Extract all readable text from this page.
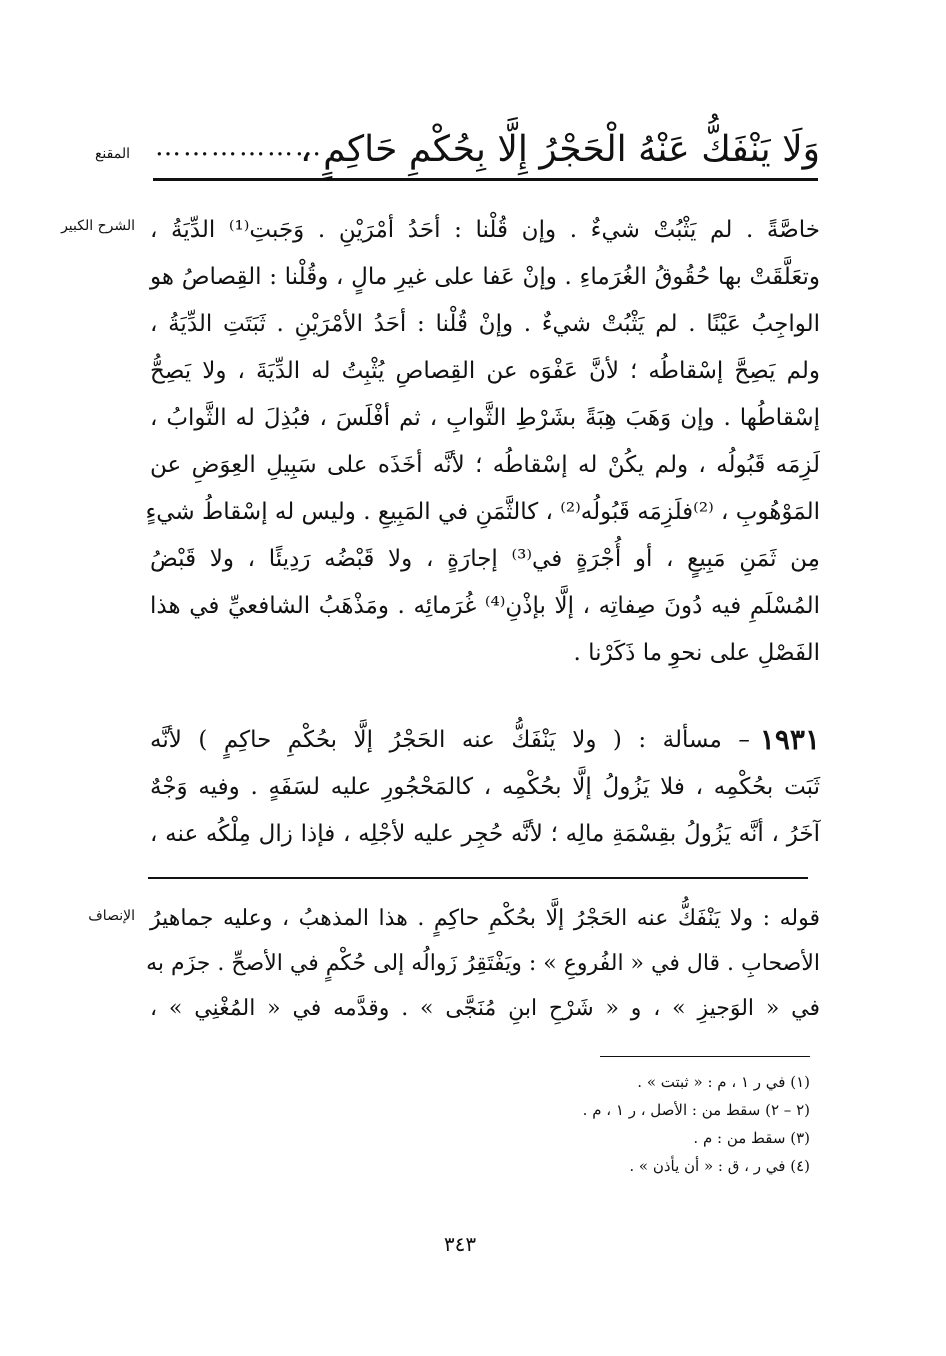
المقنع	وَلَا يَنْفَكُّ عَنْهُ الْحَجْرُ إِلَّا بِحُكْمِ حَاكِمٍ ،
………………
الشرح الكبير خاصَّةً . لم يَثْبُتْ شيءٌ . وإن قُلْنا : أحَدُ أمْرَيْنِ . وَجَبتِ⁽¹⁾ الدِّيَةُ ،
وتعَلَّقَتْ بها حُقُوقُ الغُرَماءِ . وإنْ عَفا على غيرِ مالٍ ، وقُلْنا : القِصاصُ هو
الواجِبُ عَيْنًا . لم يَثْبُتْ شيءٌ . وإنْ قُلْنا : أحَدُ الأمْرَيْنِ . ثَبَتَتِ الدِّيَةُ ،
ولم يَصِحَّ إسْقاطُه ؛ لأنَّ عَفْوَه عن القِصاصِ يُثْبِتُ له الدِّيَةَ ، ولا يَصِحُّ
إسْقاطُها . وإن وَهَبَ هِبَةً بشَرْطِ الثَّوابِ ، ثم أفْلَسَ ، فبُذِلَ له الثَّوابُ ،
لَزِمَه قَبُولُه ، ولم يكُنْ له إسْقاطُه ؛ لأنَّه أخَذَه على سَبِيلِ العِوَضِ عن
المَوْهُوبِ ، ⁽²⁾فلَزِمَه قَبُولُه⁽²⁾ ، كالثَّمَنِ في المَبِيعِ . وليس له إسْقاطُ شيءٍ
مِن ثَمَنِ مَبِيعٍ ، أو أُجْرَةٍ في⁽³⁾ إجارَةٍ ، ولا قَبْضُه رَدِيئًا ، ولا قَبْضُ
المُسْلَمِ فيه دُونَ صِفاتِه ، إلَّا بإذْنِ⁽⁴⁾ غُرَمائِه . ومَذْهَبُ الشافعيِّ في هذا
الفَصْلِ على نحوِ ما ذَكَرْنا .
١٩٣١
– مسألة : ( ولا يَنْفَكُّ عنه الحَجْرُ إلَّا بحُكْمِ حاكِمٍ ) لأنَّه
ثَبَت بحُكْمِه ، فلا يَزُولُ إلَّا بحُكْمِه ، كالمَحْجُورِ عليه لسَفَهٍ . وفيه وَجْهٌ
آخَرُ ، أنَّه يَزُولُ بقِسْمَةِ مالِه ؛ لأنَّه حُجِر عليه لأجْلِه ، فإذا زال مِلْكُه عنه ،
الإنصاف قوله : ولا يَنْفَكُّ عنه الحَجْرُ إلَّا بحُكْمِ حاكِمٍ . هذا المذهبُ ، وعليه جماهيرُ
الأصحابِ . قال في « الفُروعِ » : ويَفْتَقِرُ زَوالُه إلى حُكْمٍ في الأصحِّ . جزَم به
في « الوَجيزِ » ، و « شَرْحِ ابنِ مُنَجَّى » . وقدَّمه في « المُغْنِي » ،
(١) في ر ١ ، م : « ثبتت » .
(٢ – ٢) سقط من : الأصل ، ر ١ ، م .
(٣) سقط من : م .
(٤) في ر ، ق : « أن يأذن » .
٣٤٣
